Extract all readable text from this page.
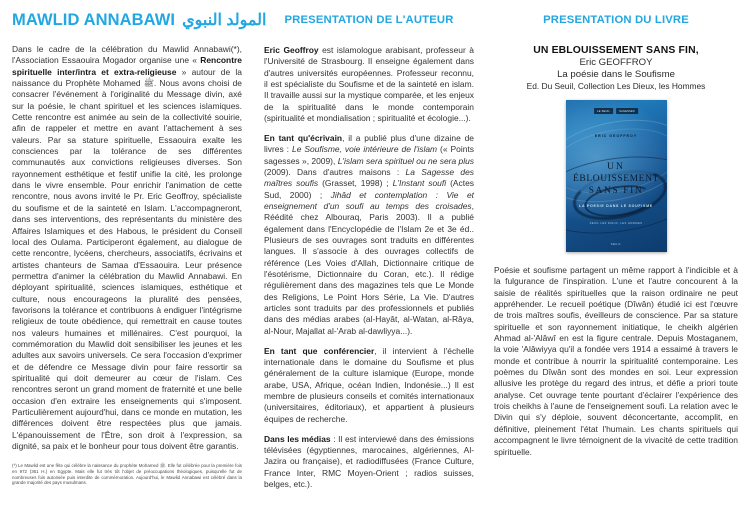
MAWLID ANNABAWI المولد النبوي

Dans le cadre de la célébration du Mawlid Annabawi(*), l'Association Essaouira Mogador organise une « Rencontre spirituelle inter/intra et extra-religieuse » autour de la naissance du Prophète Mohamed ﷺ. Nous avons choisi de consacrer l'événement à l'originalité du Message divin, axé sur la poésie, le chant spirituel et les sciences islamiques. Cette rencontre est animée au sein de la collectivité souirie, afin de rappeler et mettre en avant l'attachement à ses valeurs. Par sa stature spirituelle, Essaouira exalte les consciences par la tolérance de ses différentes communautés aux convictions religieuses diverses. Son rayonnement esthétique et festif unifie la cité, les prolonge dans le vivre ensemble. Pour enrichir l'animation de cette rencontre, nous avons invité le Pr. Eric Geoffroy, spécialiste du soufisme et de la sainteté en Islam. L'accompagneront, dans ses interventions, des représentants du ministère des Affaires Islamiques et des Habous, le président du Conseil local des Oulama. Participeront également, au dialogue de cette rencontre, lycéens, chercheurs, associatifs, écrivains et artistes chanteurs de Samaa d'Essaouira. Leur présence permettra d'animer la célébration du Mawlid Annabawi. En déployant spiritualité, sciences islamiques, esthétique et culture, nous encourageons la pluralité des pensées, favorisons la tolérance et contribuons à endiguer l'intégrisme religieux de toute obédience, qui remettrait en cause toutes nos valeurs humaines et millénaires. C'est pourquoi, la commémoration du Mawlid doit sensibiliser les jeunes et les adultes aux savoirs universels. Ce sera l'occasion d'exprimer et de défendre ce Message divin pour faire ressortir sa spiritualité qui doit demeurer au cœur de l'islam. Ces rencontres seront un grand moment de fraternité et une belle occasion d'en extraire les enseignements qui s'imposent. Particulièrement aujourd'hui, dans ce monde en mutation, les différences doivent être respectées plus que jamais. L'épanouissement de l'Être, son droit à l'expression, sa dignité, sa paix et le bonheur pour tous doivent être garantis.

(*) Le Mawlid est une fête qui célèbre la naissance du prophète Mohamed ﷺ. Elle fut célébrée pour la première fois en 972 (361 H.) en Egypte. Mais elle fut très tôt l'objet de préoccupations théologiques, puisqu'elle fut de nombreuses fois autorisée puis interdite de commémoration. Aujourd'hui, le Mawlid Annabawi est célébré dans la grande majorité des pays musulmans.

PRESENTATION DE L'AUTEUR

Eric Geoffroy est islamologue arabisant, professeur à l'Université de Strasbourg. Il enseigne également dans d'autres universités européennes. Professeur reconnu, il est spécialiste du Soufisme et de la sainteté en islam. Il travaille aussi sur la mystique comparée, et les enjeux de la spiritualité dans le monde contemporain (spiritualité et mondialisation ; spiritualité et écologie...).

En tant qu'écrivain, il a publié plus d'une dizaine de livres : Le Soufisme, voie intérieure de l'islam (« Points sagesses », 2009), L'islam sera spirituel ou ne sera plus (2009). Dans d'autres maisons : La Sagesse des maîtres soufis (Grasset, 1998) ; L'Instant soufi (Actes Sud, 2000) ; Jihâd et contemplation : Vie et enseignement d'un soufi au temps des croisades, Réédité chez Albouraq, Paris 2003). Il a publié également dans l'Encyclopédie de l'Islam 2e et 3e éd.. Plusieurs de ses ouvrages sont traduits en différentes langues. Il s'associe à des ouvrages collectifs de référence (Les Voies d'Allah, Dictionnaire critique de l'ésotérisme, Dictionnaire du Coran, etc.). Il rédige régulièrement dans des magazines tels que Le Monde des Religions, Le Point Hors Série, La Vie. D'autres articles sont traduits par des professionnels et publiés dans des médias arabes (al-Hayât, al-Watan, al-Râya, al-Nour, Majallat al-'Arab al-dawliyya...).

En tant que conférencier, il intervient à l'échelle internationale dans le domaine du Soufisme et plus généralement de la culture islamique (Europe, monde arabe, USA, Afrique, océan Indien, Indonésie...) Il est membre de plusieurs conseils et comités internationaux (universitaires, éditoriaux), et appartient à plusieurs équipes de recherche.

Dans les médias : Il est interviewé dans des émissions télévisées (égyptiennes, marocaines, algériennes, Al-Jazira ou française), et radiodiffusées (France Culture, France Inter, RMC Moyen-Orient ; radios suisses, belges, etc.).

PRESENTATION DU LIVRE
UN EBLOUISSEMENT SANS FIN,
Eric GEOFFROY
La poésie dans le Soufisme
Ed. Du Seuil, Collection Les Dieux, les Hommes
LE SEUIL	SAGESSES
ERIC GEOFFROY
UN
ÉBLOUISSEMENT
SANS FIN
LA POESIE DANS LE SOUFISME
SEUIL LES DIEUX, LES HOMMES
SEUIL

Poésie et soufisme partagent un même rapport à l'indicible et à la fulgurance de l'inspiration. L'une et l'autre concourent à la saisie de réalités spirituelles que la raison ordinaire ne peut appréhender. Le recueil poétique (Dîwân) étudié ici est l'œuvre de trois maîtres soufis, éveilleurs de conscience. Par sa stature spirituelle et son rayonnement initiatique, le cheikh algérien Ahmad al-'Alâwî en est la figure centrale. Depuis Mostaganem, la voie 'Alâwiyya qu'il a fondée vers 1914 a essaimé à travers le monde et contribue à nourrir la spiritualité contemporaine. Les poèmes du Dîwân sont des mondes en soi. Leur expression allusive les protège du regard des intrus, et défie a priori toute analyse. Cet ouvrage tente pourtant d'éclairer l'expérience des trois cheikhs à l'aune de l'enseignement soufi. La relation avec le Divin qui s'y déploie, souvent déconcertante, accomplit, en définitive, pleinement l'état l'humain. Les chants spirituels qui accompagnent le livre témoignent de la vivacité de cette tradition spirituelle.
